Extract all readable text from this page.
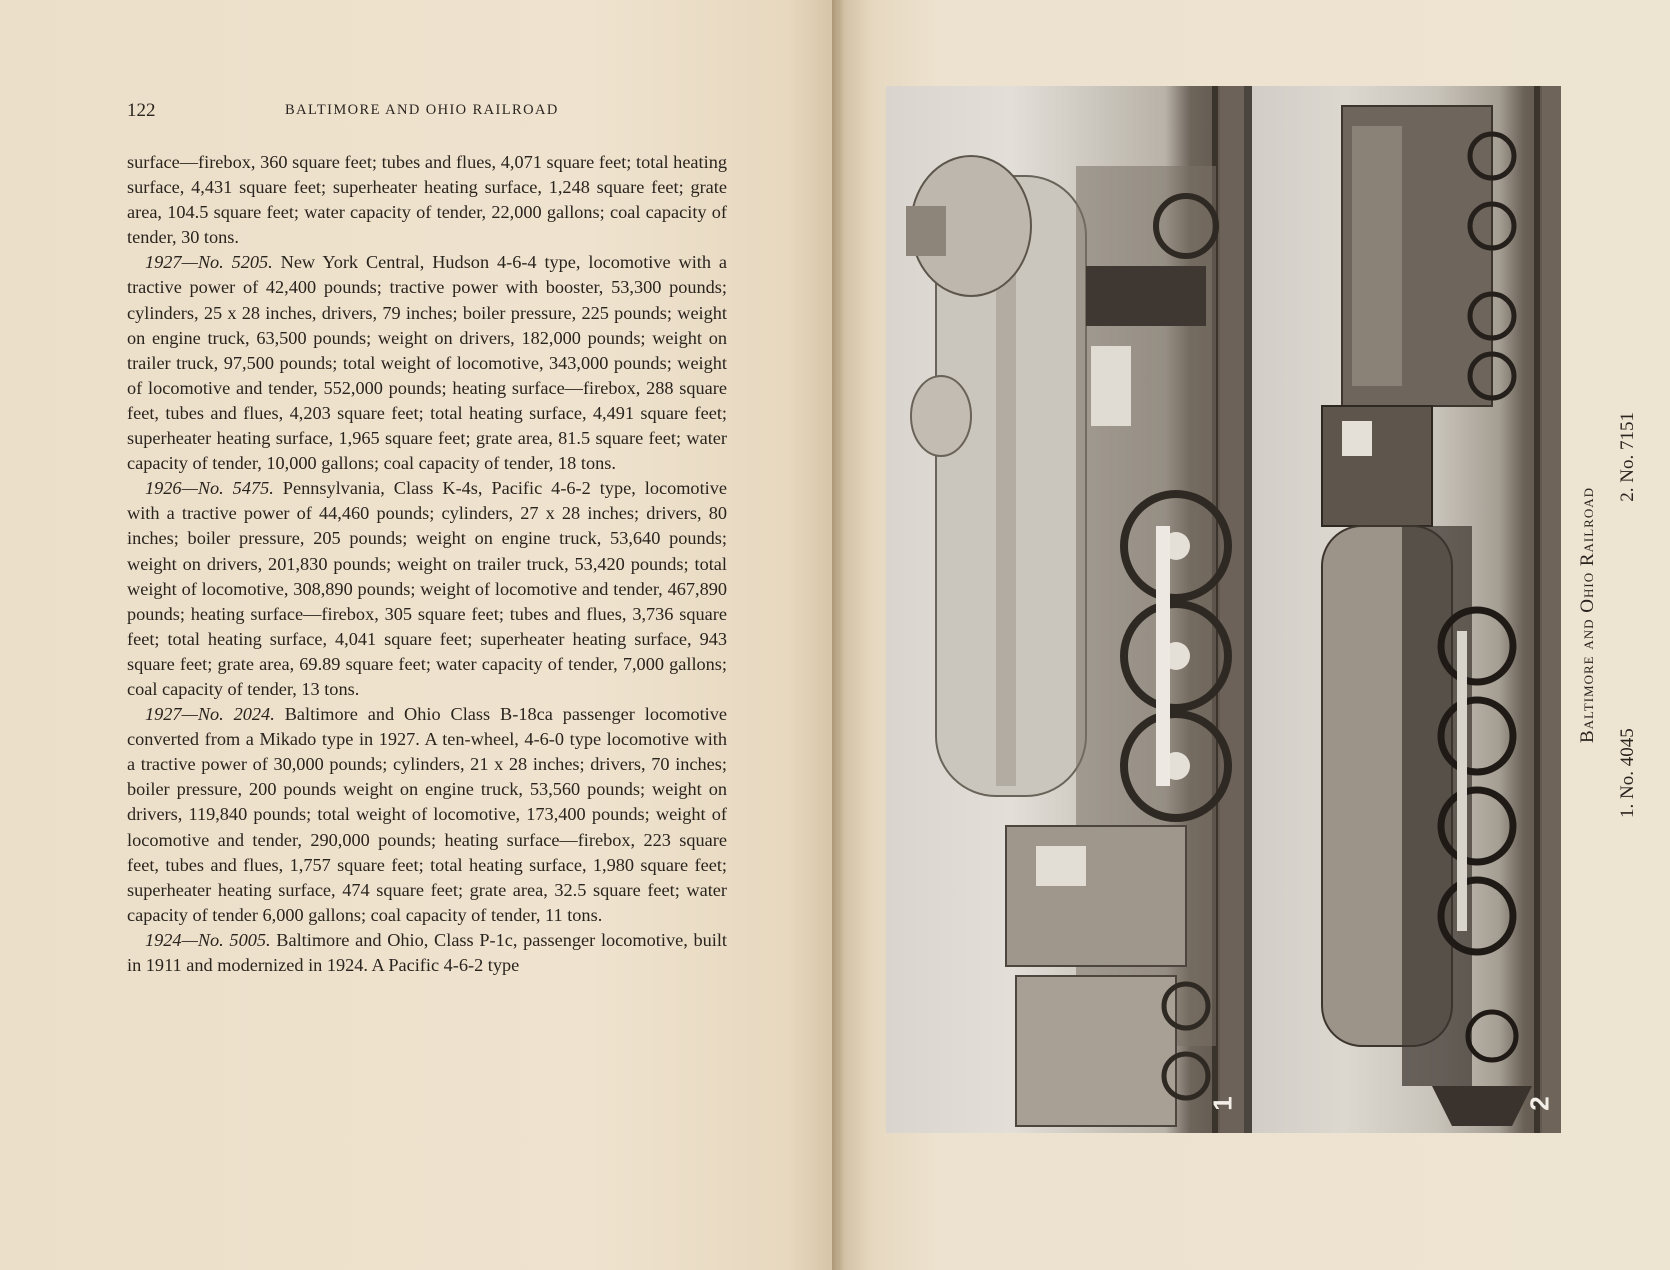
122	BALTIMORE AND OHIO RAILROAD

surface—firebox, 360 square feet; tubes and flues, 4,071 square feet; total heating surface, 4,431 square feet; superheater heating surface, 1,248 square feet; grate area, 104.5 square feet; water capacity of tender, 22,000 gallons; coal capacity of tender, 30 tons.

1927—No. 5205. New York Central, Hudson 4-6-4 type, locomotive with a tractive power of 42,400 pounds; tractive power with booster, 53,300 pounds; cylinders, 25 x 28 inches, drivers, 79 inches; boiler pressure, 225 pounds; weight on engine truck, 63,500 pounds; weight on drivers, 182,000 pounds; weight on trailer truck, 97,500 pounds; total weight of locomotive, 343,000 pounds; weight of locomotive and tender, 552,000 pounds; heating surface—firebox, 288 square feet, tubes and flues, 4,203 square feet; total heating surface, 4,491 square feet; superheater heating surface, 1,965 square feet; grate area, 81.5 square feet; water capacity of tender, 10,000 gallons; coal capacity of tender, 18 tons.

1926—No. 5475. Pennsylvania, Class K-4s, Pacific 4-6-2 type, locomotive with a tractive power of 44,460 pounds; cylinders, 27 x 28 inches; drivers, 80 inches; boiler pressure, 205 pounds; weight on engine truck, 53,640 pounds; weight on drivers, 201,830 pounds; weight on trailer truck, 53,420 pounds; total weight of locomotive, 308,890 pounds; weight of locomotive and tender, 467,890 pounds; heating surface—firebox, 305 square feet; tubes and flues, 3,736 square feet; total heating surface, 4,041 square feet; superheater heating surface, 943 square feet; grate area, 69.89 square feet; water capacity of tender, 7,000 gallons; coal capacity of tender, 13 tons.

1927—No. 2024. Baltimore and Ohio Class B-18ca passenger locomotive converted from a Mikado type in 1927. A ten-wheel, 4-6-0 type locomotive with a tractive power of 30,000 pounds; cylinders, 21 x 28 inches; drivers, 70 inches; boiler pressure, 200 pounds weight on engine truck, 53,560 pounds; weight on drivers, 119,840 pounds; total weight of locomotive, 173,400 pounds; weight of locomotive and tender, 290,000 pounds; heating surface—firebox, 223 square feet, tubes and flues, 1,757 square feet; total heating surface, 1,980 square feet; superheater heating surface, 474 square feet; grate area, 32.5 square feet; water capacity of tender 6,000 gallons; coal capacity of tender, 11 tons.

1924—No. 5005. Baltimore and Ohio, Class P-1c, passenger locomotive, built in 1911 and modernized in 1924. A Pacific 4-6-2 type

1	2
Baltimore and Ohio Railroad
1. No. 4045
2. No. 7151
